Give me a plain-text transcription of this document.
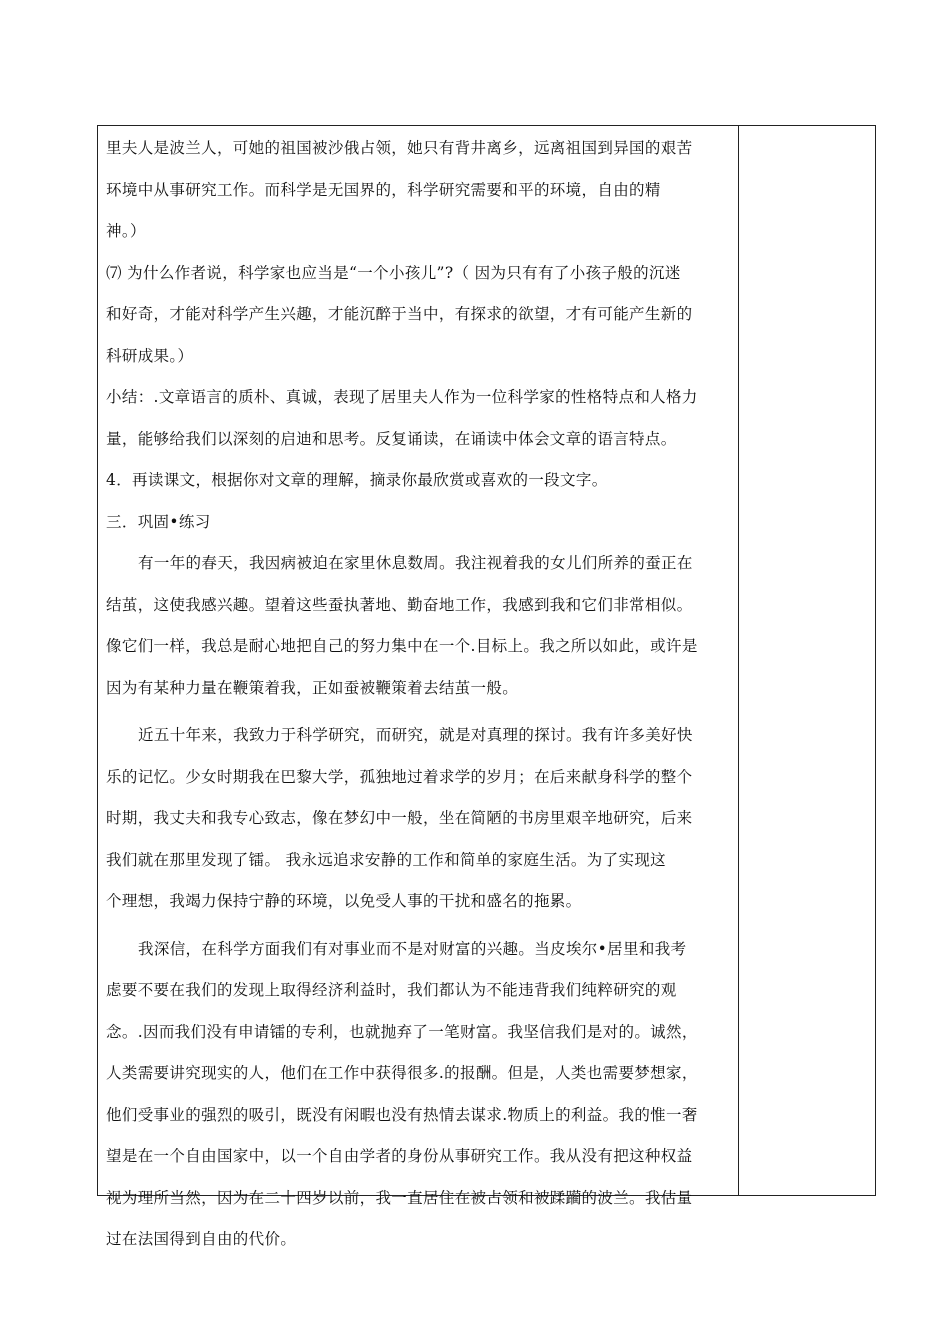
里夫人是波兰人，可她的祖国被沙俄占领，她只有背井离乡，远离祖国到异国的艰苦
环境中从事研究工作。而科学是无国界的，科学研究需要和平的环境，自由的精
神。）
⑺ 为什么作者说，科学家也应当是“一个小孩儿”?（ 因为只有有了小孩子般的沉迷
和好奇，才能对科学产生兴趣，才能沉醉于当中，有探求的欲望，才有可能产生新的
科研成果。）
小结：.文章语言的质朴、真诚，表现了居里夫人作为一位科学家的性格特点和人格力
量，能够给我们以深刻的启迪和思考。反复诵读，在诵读中体会文章的语言特点。
4．再读课文，根据你对文章的理解，摘录你最欣赏或喜欢的一段文字。
三．巩固•练习
有一年的春天，我因病被迫在家里休息数周。我注视着我的女儿们所养的蚕正在
结茧，这使我感兴趣。望着这些蚕执著地、勤奋地工作，我感到我和它们非常相似。
像它们一样，我总是耐心地把自己的努力集中在一个.目标上。我之所以如此，或许是
因为有某种力量在鞭策着我，正如蚕被鞭策着去结茧一般。
近五十年来，我致力于科学研究，而研究，就是对真理的探讨。我有许多美好快
乐的记忆。少女时期我在巴黎大学，孤独地过着求学的岁月；在后来献身科学的整个
时期，我丈夫和我专心致志，像在梦幻中一般，坐在简陋的书房里艰辛地研究，后来
我们就在那里发现了镭。 我永远追求安静的工作和简单的家庭生活。为了实现这
个理想，我竭力保持宁静的环境，以免受人事的干扰和盛名的拖累。
我深信，在科学方面我们有对事业而不是对财富的兴趣。当皮埃尔•居里和我考
虑要不要在我们的发现上取得经济利益时，我们都认为不能违背我们纯粹研究的观
念。.因而我们没有申请镭的专利，也就抛弃了一笔财富。我坚信我们是对的。诚然，
人类需要讲究现实的人，他们在工作中获得很多.的报酬。但是，人类也需要梦想家，
他们受事业的强烈的吸引，既没有闲暇也没有热情去谋求.物质上的利益。我的惟一奢
望是在一个自由国家中，以一个自由学者的身份从事研究工作。我从没有把这种权益
视为理所当然，因为在二十四岁以前，我一直居住在被占领和被蹂躏的波兰。我估量
过在法国得到自由的代价。
